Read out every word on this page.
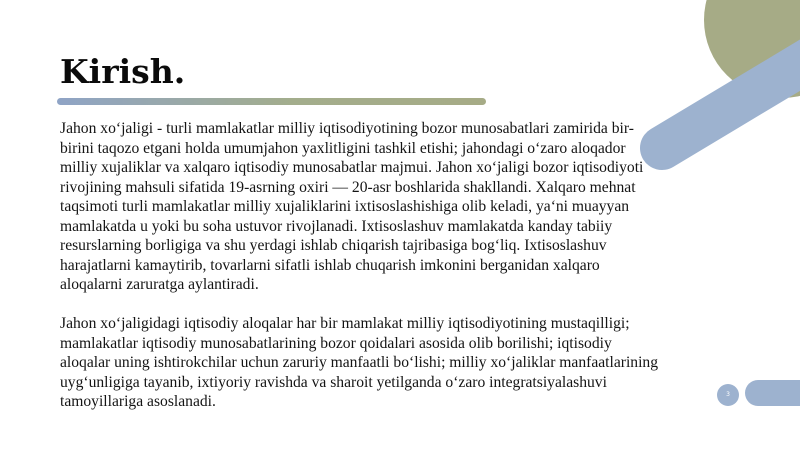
Kirish.

Jahon xo‘jaligi - turli mamlakatlar milliy iqtisodiyotining bozor munosabatlari zamirida bir-
birini taqozo etgani holda umumjahon yaxlitligini tashkil etishi; jahondagi o‘zaro aloqador
milliy xujaliklar va xalqaro iqtisodiy munosabatlar majmui. Jahon xo‘jaligi bozor iqtisodiyoti
rivojining mahsuli sifatida 19-asrning oxiri — 20-asr boshlarida shakllandi. Xalqaro mehnat
taqsimoti turli mamlakatlar milliy xujaliklarini ixtisoslashishiga olib keladi, ya‘ni muayyan
mamlakatda u yoki bu soha ustuvor rivojlanadi. Ixtisoslashuv mamlakatda kanday tabiiy
resurslarning borligiga va shu yerdagi ishlab chiqarish tajribasiga bog‘liq. Ixtisoslashuv
harajatlarni kamaytirib, tovarlarni sifatli ishlab chuqarish imkonini berganidan xalqaro
aloqalarni zaruratga aylantiradi.

Jahon xo‘jaligidagi iqtisodiy aloqalar har bir mamlakat milliy iqtisodiyotining mustaqilligi;
mamlakatlar iqtisodiy munosabatlarining bozor qoidalari asosida olib borilishi; iqtisodiy
aloqalar uning ishtirokchilar uchun zaruriy manfaatli bo‘lishi; milliy xo‘jaliklar manfaatlarining
uyg‘unligiga tayanib, ixtiyoriy ravishda va sharoit yetilganda o‘zaro integratsiyalashuvi
tamoyillariga asoslanadi.	3
